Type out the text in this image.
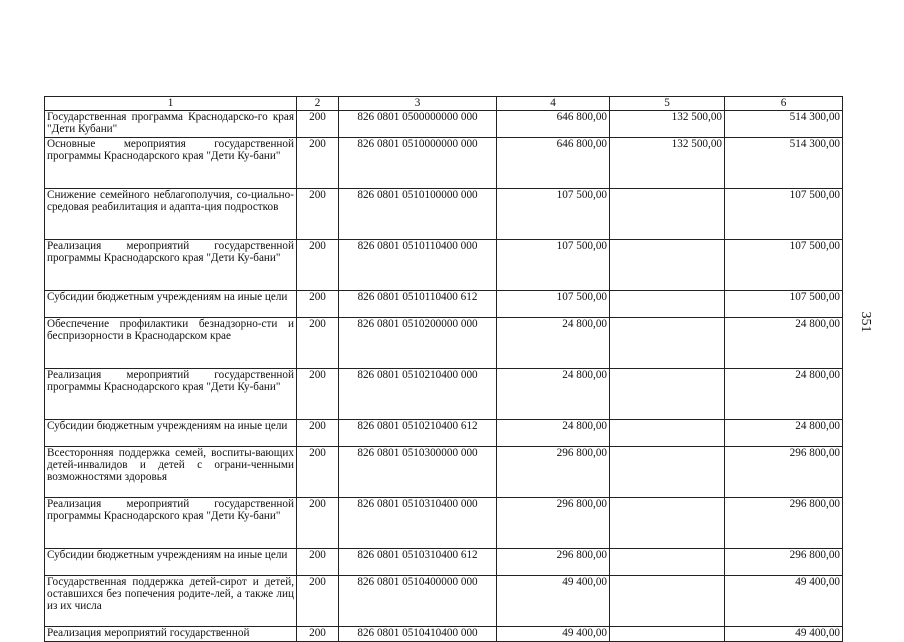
1	2	3	4	5	6
Государственная программа Краснодарско-го края "Дети Кубани"	200	826 0801 0500000000 000	646 800,00	132 500,00	514 300,00
Основные мероприятия государственной программы Краснодарского края "Дети Ку-бани"	200	826 0801 0510000000 000	646 800,00	132 500,00	514 300,00
Снижение семейного неблагополучия, со-циально-средовая реабилитация и адапта-ция подростков	200	826 0801 0510100000 000	107 500,00		107 500,00
Реализация мероприятий государственной программы Краснодарского края "Дети Ку-бани"	200	826 0801 0510110400 000	107 500,00		107 500,00
Субсидии бюджетным учреждениям на иные цели	200	826 0801 0510110400 612	107 500,00		107 500,00
Обеспечение профилактики безнадзорно-сти и беспризорности в Краснодарском крае	200	826 0801 0510200000 000	24 800,00		24 800,00
Реализация мероприятий государственной программы Краснодарского края "Дети Ку-бани"	200	826 0801 0510210400 000	24 800,00		24 800,00
Субсидии бюджетным учреждениям на иные цели	200	826 0801 0510210400 612	24 800,00		24 800,00
Всесторонняя поддержка семей, воспиты-вающих детей-инвалидов и детей с ограни-ченными возможностями здоровья	200	826 0801 0510300000 000	296 800,00		296 800,00
Реализация мероприятий государственной программы Краснодарского края "Дети Ку-бани"	200	826 0801 0510310400 000	296 800,00		296 800,00
Субсидии бюджетным учреждениям на иные цели	200	826 0801 0510310400 612	296 800,00		296 800,00
Государственная поддержка детей-сирот и детей, оставшихся без попечения родите-лей, а также лиц из их числа	200	826 0801 0510400000 000	49 400,00		49 400,00
Реализация мероприятий государственной	200	826 0801 0510410400 000	49 400,00		49 400,00
351
